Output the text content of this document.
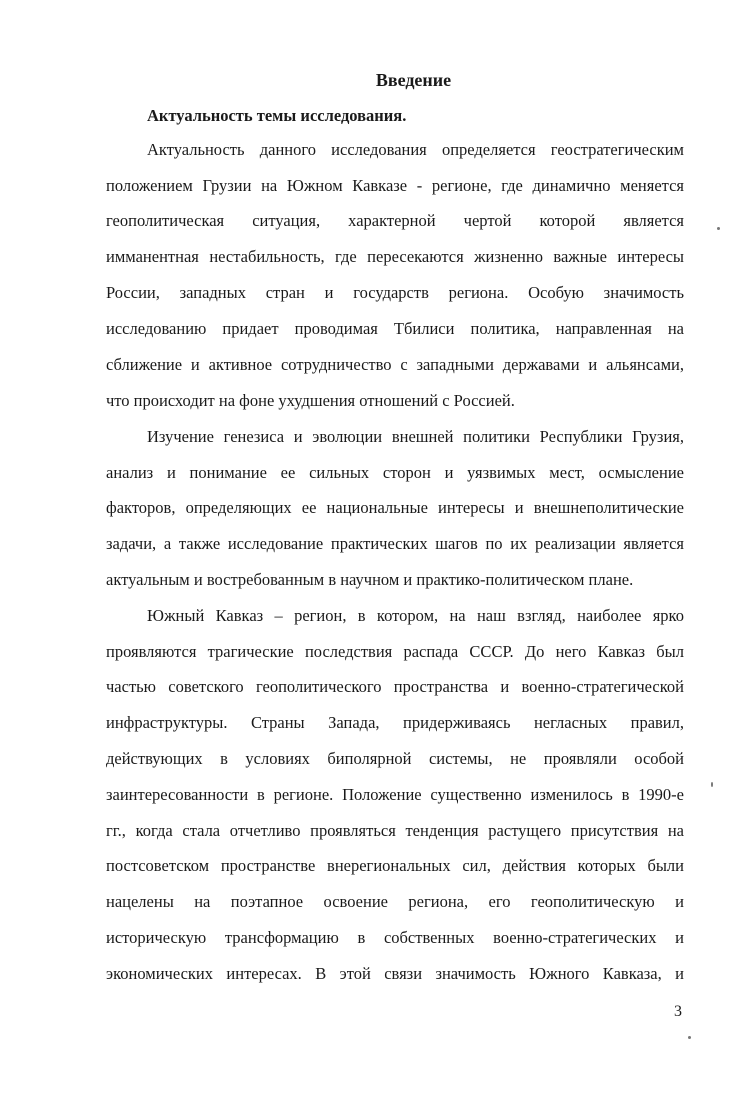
Введение
Актуальность темы исследования.
Актуальность данного исследования определяется геостратегическим
положением Грузии на Южном Кавказе - регионе, где динамично меняется
геополитическая ситуация, характерной чертой которой является
имманентная нестабильность, где пересекаются жизненно важные интересы
России, западных стран и государств региона. Особую значимость
исследованию придает проводимая Тбилиси политика, направленная на
сближение и активное сотрудничество с западными державами и альянсами,
что происходит на фоне ухудшения отношений с Россией.
Изучение генезиса и эволюции внешней политики Республики Грузия,
анализ и понимание ее сильных сторон и уязвимых мест, осмысление
факторов, определяющих ее национальные интересы и внешнеполитические
задачи, а также исследование практических шагов по их реализации является
актуальным и востребованным в научном и практико-политическом плане.
Южный Кавказ – регион, в котором, на наш взгляд, наиболее ярко
проявляются трагические последствия распада СССР. До него Кавказ был
частью советского геополитического пространства и военно-стратегической
инфраструктуры. Страны Запада, придерживаясь негласных правил,
действующих в условиях биполярной системы, не проявляли особой
заинтересованности в регионе. Положение существенно изменилось в 1990-е
гг., когда стала отчетливо проявляться тенденция растущего присутствия на
постсоветском пространстве внерегиональных сил, действия которых были
нацелены на поэтапное освоение региона, его геополитическую и
историческую трансформацию в собственных военно-стратегических и
экономических интересах. В этой связи значимость Южного Кавказа, и
3
